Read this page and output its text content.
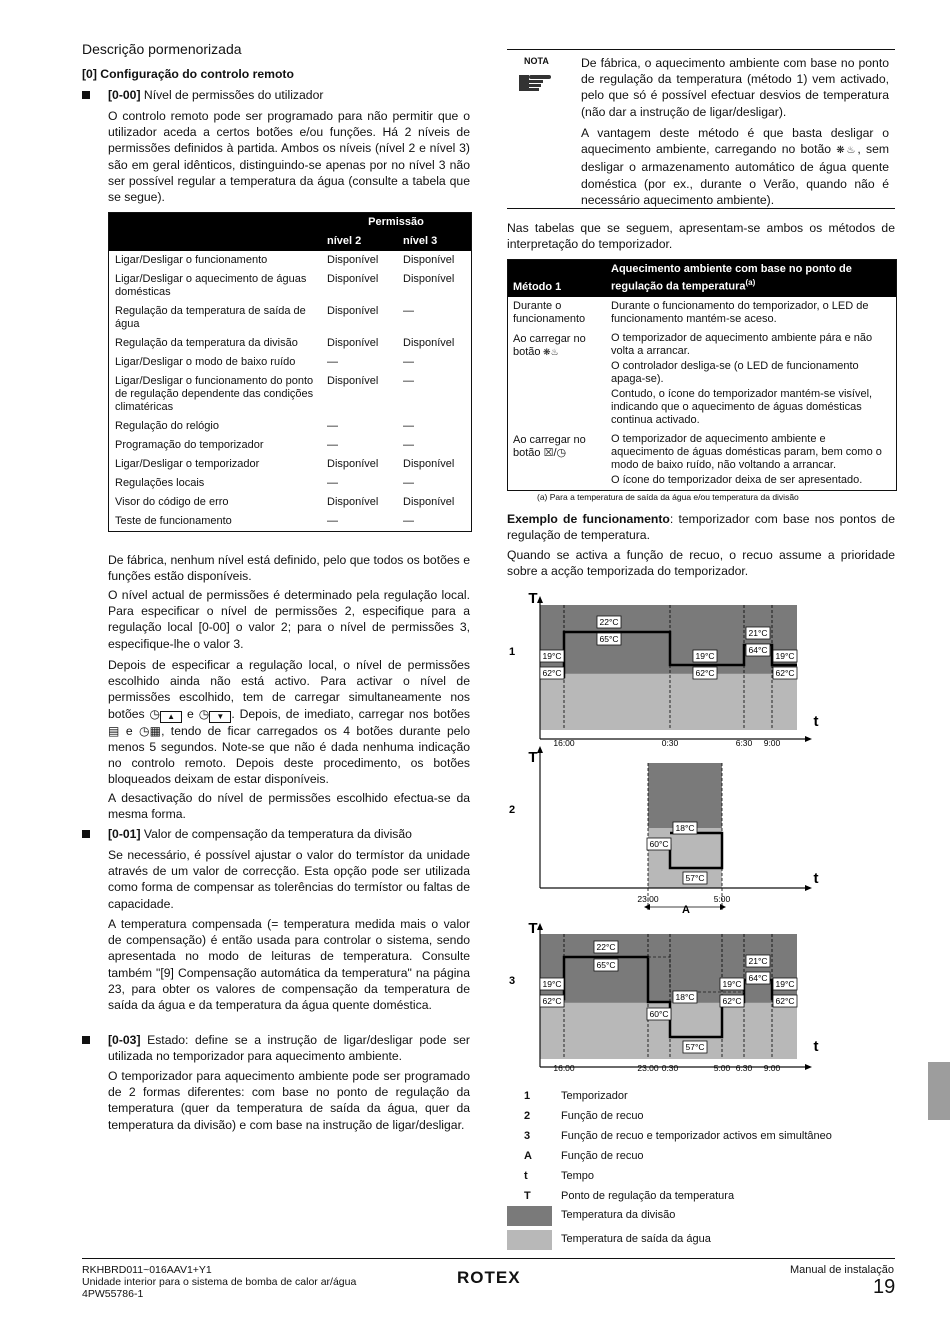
Descrição pormenorizada
[0] Configuração do controlo remoto
[0-00] Nível de permissões do utilizador

O controlo remoto pode ser programado para não permitir que o utilizador aceda a certos botões e/ou funções. Há 2 níveis de permissões definidos à partida. Ambos os níveis (nível 2 e nível 3) são em geral idênticos, distinguindo-se apenas por no nível 3 não ser possível regular a temperatura da água (consulte a tabela que se segue).

	Permissão	
	nível 2	nível 3
Ligar/Desligar o funcionamento	Disponível	Disponível
Ligar/Desligar o aquecimento de águas domésticas	Disponível	Disponível
Regulação da temperatura de saída de água	Disponível	—
Regulação da temperatura da divisão	Disponível	Disponível
Ligar/Desligar o modo de baixo ruído	—	—
Ligar/Desligar o funcionamento do ponto de regulação dependente das condições climatéricas	Disponível	—
Regulação do relógio	—	—
Programação do temporizador	—	—
Ligar/Desligar o temporizador	Disponível	Disponível
Regulações locais	—	—
Visor do código de erro	Disponível	Disponível
Teste de funcionamento	—	—

De fábrica, nenhum nível está definido, pelo que todos os botões e funções estão disponíveis.

O nível actual de permissões é determinado pela regulação local. Para especificar o nível de permissões 2, especifique para a regulação local [0-00] o valor 2; para o nível de permissões 3, especifique-lhe o valor 3.

Depois de especificar a regulação local, o nível de permissões escolhido ainda não está activo. Para activar o nível de permissões escolhido, tem de carregar simultaneamente nos botões ◷ ▲ e ◷ ▼ . Depois, de imediato, carregar nos botões ▤ e ◷▦, tendo de ficar carregados os 4 botões durante pelo menos 5 segundos. Note-se que não é dada nenhuma indicação no controlo remoto. Depois deste procedimento, os botões bloqueados deixam de estar disponíveis.

A desactivação do nível de permissões escolhido efectua-se da mesma forma.

[0-01] Valor de compensação da temperatura da divisão

Se necessário, é possível ajustar o valor do termístor da unidade através de um valor de correcção. Esta opção pode ser utilizada como forma de compensar as tolerências do termístor ou faltas de capacidade.

A temperatura compensada (= temperatura medida mais o valor de compensação) é então usada para controlar o sistema, sendo apresentada no modo de leituras de temperatura. Consulte também "[9] Compensação automática da temperatura" na página 23, para obter os valores de compensação da temperatura de saída da água e da temperatura da água quente doméstica.

[0-03] Estado: define se a instrução de ligar/desligar pode ser utilizada no temporizador para aquecimento ambiente.

O temporizador para aquecimento ambiente pode ser programado de 2 formas diferentes: com base no ponto de regulação da temperatura (quer da temperatura de saída da água, quer da temperatura da divisão) e com base na instrução de ligar/desligar.

NOTA	De fábrica, o aquecimento ambiente com base no ponto de regulação da temperatura (método 1) vem activado, pelo que só é possível efectuar desvios de temperatura (não dar a instrução de ligar/desligar).

A vantagem deste método é que basta desligar o aquecimento ambiente, carregando no botão ❋♨, sem desligar o armazenamento automático de água quente doméstica (por ex., durante o Verão, quando não é necessário aquecimento ambiente).

Nas tabelas que se seguem, apresentam-se ambos os métodos de interpretação do temporizador.

Método 1	Aquecimento ambiente com base no ponto de regulação da temperatura$^{(a)}$
Durante o funcionamento	Durante o funcionamento do temporizador, o LED de funcionamento mantém-se aceso.

Ao carregar no botão ❋♨	O temporizador de aquecimento ambiente pára e não volta a arrancar.
O controlador desliga-se (o LED de funcionamento apaga-se).
Contudo, o ícone do temporizador mantém-se visível, indicando que o aquecimento de águas domésticas continua activado.

Ao carregar no botão ☒/◷	O temporizador de aquecimento ambiente e aquecimento de águas domésticas param, bem como o modo de baixo ruído, não voltando a arrancar.
O ícone do temporizador deixa de ser apresentado.
(a) Para a temperatura de saída da água e/ou temperatura da divisão

Exemplo de funcionamento: temporizador com base nos pontos de regulação de temperatura.

Quando se activa a função de recuo, o recuo assume a prioridade sobre a acção temporizada do temporizador.

T
t
1
16:00	0:30	6:30 9:00
19°C
62°C
22°C
65°C
19°C
62°C
21°C
64°C
19°C
62°C
T
t
2
23:00	5:00
18°C
60°C
57°C
A
T
t
3
16:00	23:00 0:30	5:00 6:30 9:00
19°C
62°C
22°C
65°C
18°C
60°C
57°C
19°C
62°C
21°C
64°C
19°C
62°C
1	Temporizador
2	Função de recuo
3	Função de recuo e temporizador activos em simultâneo
A	Função de recuo
t	Tempo
T	Ponto de regulação da temperatura
Temperatura da divisão
Temperatura de saída da água
RKHBRD011~016AAV1+Y1
Unidade interior para o sistema de bomba de calor ar/água
4PW55786-1
ROTEX	Manual de instalação
19
